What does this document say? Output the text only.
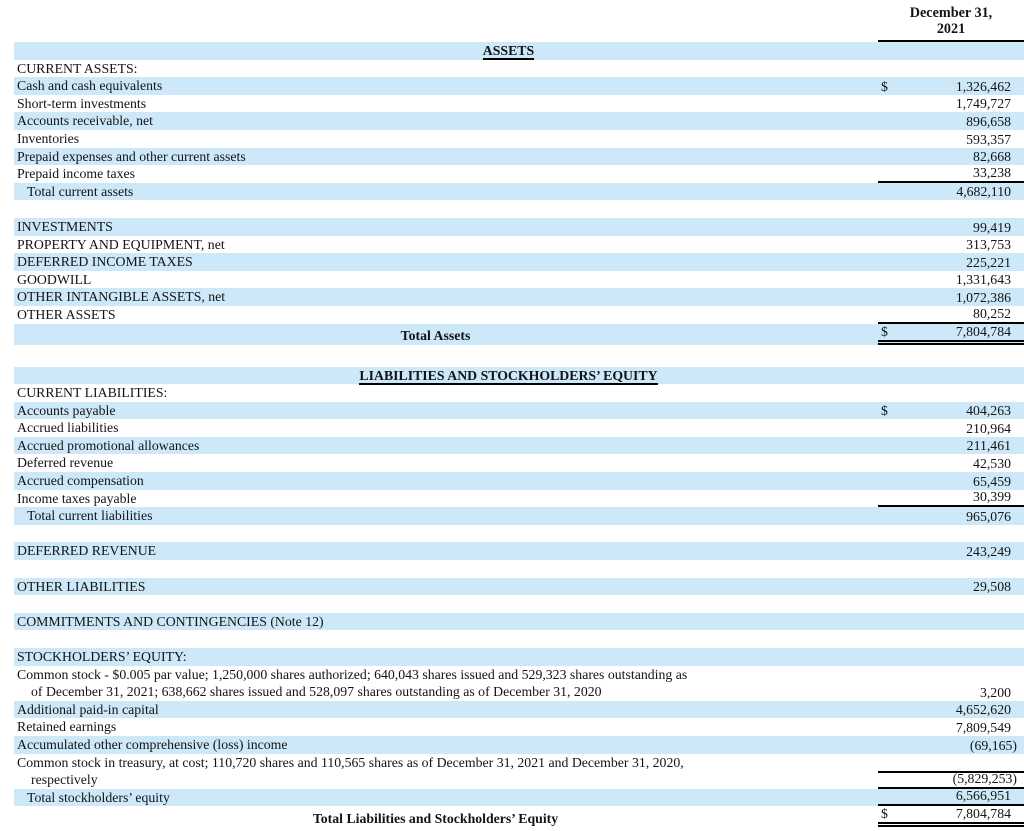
December 31,
2021
ASSETS
CURRENT ASSETS:
Cash and cash equivalents	$	1,326,462
Short-term investments	1,749,727
Accounts receivable, net	896,658
Inventories	593,357
Prepaid expenses and other current assets	82,668
Prepaid income taxes	33,238
Total current assets	4,682,110
INVESTMENTS	99,419
PROPERTY AND EQUIPMENT, net	313,753
DEFERRED INCOME TAXES	225,221
GOODWILL	1,331,643
OTHER INTANGIBLE ASSETS, net	1,072,386
OTHER ASSETS	80,252
Total Assets	$	7,804,784
LIABILITIES AND STOCKHOLDERS’ EQUITY
CURRENT LIABILITIES:
Accounts payable	$	404,263
Accrued liabilities	210,964
Accrued promotional allowances	211,461
Deferred revenue	42,530
Accrued compensation	65,459
Income taxes payable	30,399
Total current liabilities	965,076
DEFERRED REVENUE	243,249
OTHER LIABILITIES	29,508
COMMITMENTS AND CONTINGENCIES (Note 12)
STOCKHOLDERS’ EQUITY:
Common stock - $0.005 par value; 1,250,000 shares authorized; 640,043 shares issued and 529,323 shares outstanding as
of December 31, 2021; 638,662 shares issued and 528,097 shares outstanding as of December 31, 2020	3,200
Additional paid-in capital	4,652,620
Retained earnings	7,809,549
Accumulated other comprehensive (loss) income	(69,165)
Common stock in treasury, at cost; 110,720 shares and 110,565 shares as of December 31, 2021 and December 31, 2020,
respectively	(5,829,253)
Total stockholders’ equity	6,566,951
Total Liabilities and Stockholders’ Equity	$	7,804,784
